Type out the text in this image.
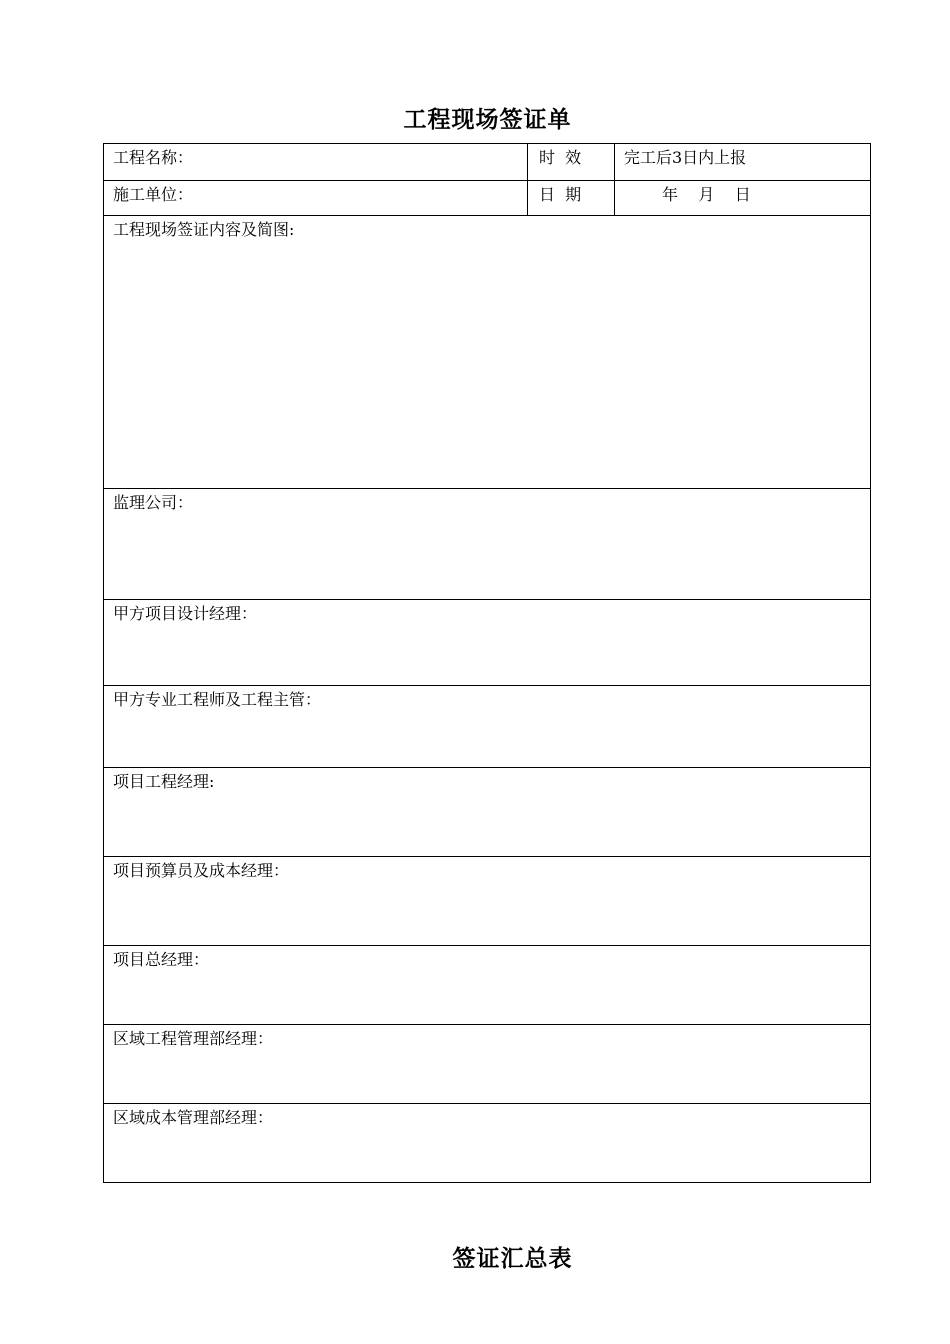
工程现场签证单
工程名称：	时  效	完工后3日内上报
施工单位：	日  期	年    月    日
工程现场签证内容及简图:		
监理公司：		
甲方项目设计经理：		
甲方专业工程师及工程主管：		
项目工程经理:		
项目预算员及成本经理：		
项目总经理：		
区域工程管理部经理：		
区域成本管理部经理：		
签证汇总表
